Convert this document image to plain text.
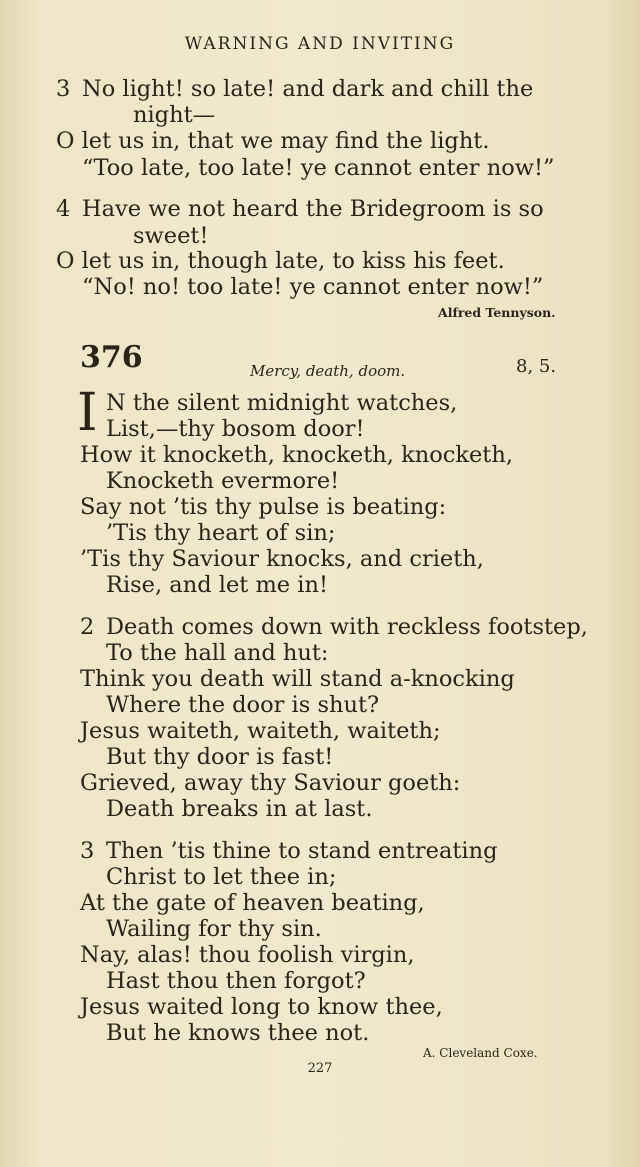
WARNING AND INVITING
3 No light! so late! and dark and chill the
night—
O let us in, that we may find the light.
“Too late, too late! ye cannot enter now!”
4 Have we not heard the Bridegroom is so
sweet!
O let us in, though late, to kiss his feet.
“No! no! too late! ye cannot enter now!”
Alfred Tennyson.
376	Mercy, death, doom.	8, 5.
I N the silent midnight watches,
List,—thy bosom door!
How it knocketh, knocketh, knocketh,
Knocketh evermore!
Say not ’tis thy pulse is beating:
’Tis thy heart of sin;
’Tis thy Saviour knocks, and crieth,
Rise, and let me in!
2 Death comes down with reckless footstep,
To the hall and hut:
Think you death will stand a-knocking
Where the door is shut?
Jesus waiteth, waiteth, waiteth;
But thy door is fast!
Grieved, away thy Saviour goeth:
Death breaks in at last.
3 Then ’tis thine to stand entreating
Christ to let thee in;
At the gate of heaven beating,
Wailing for thy sin.
Nay, alas! thou foolish virgin,
Hast thou then forgot?
Jesus waited long to know thee,
But he knows thee not.
A. Cleveland Coxe.
227
